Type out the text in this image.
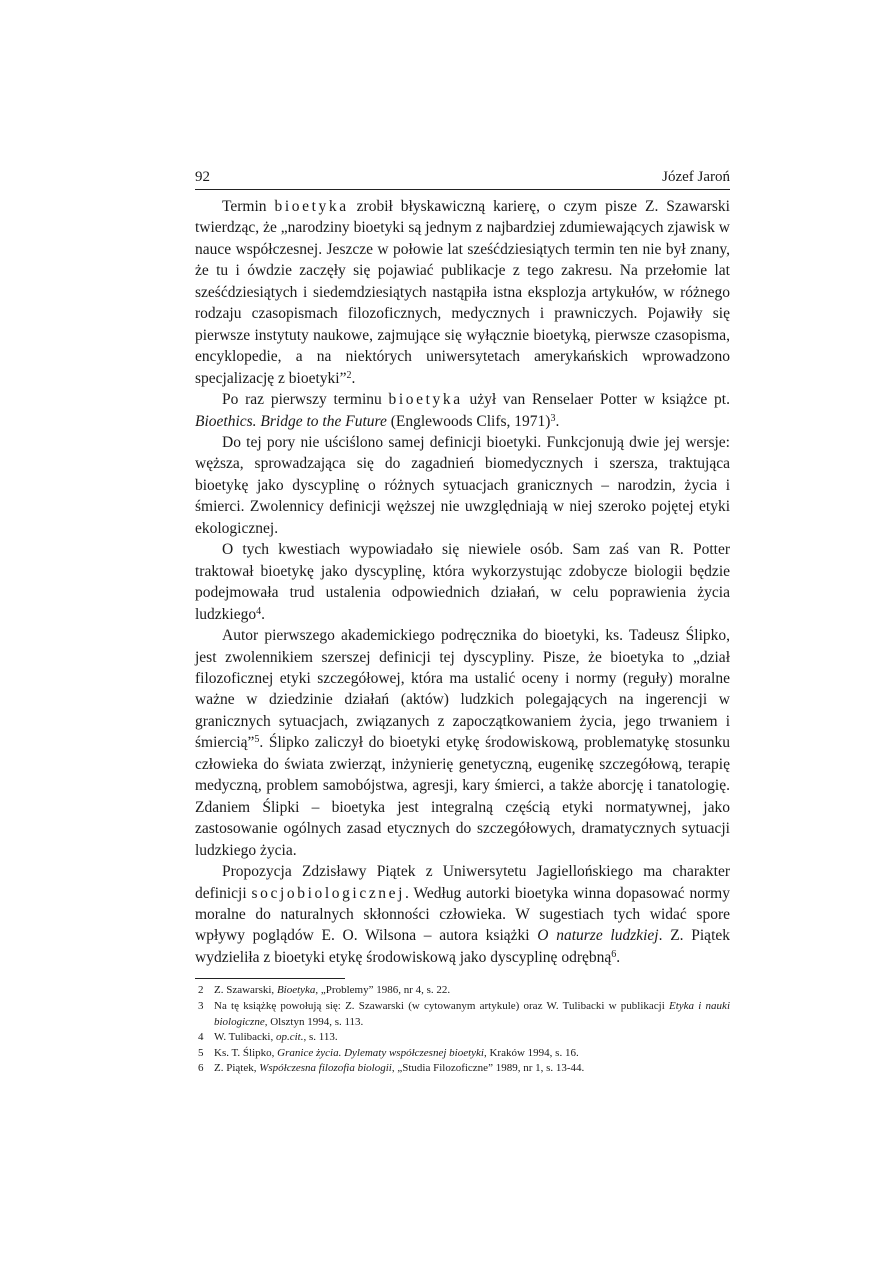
92	Józef Jaroń

Termin bioetyka zrobił błyskawiczną karierę, o czym pisze Z. Szawarski twierdząc, że „narodziny bioetyki są jednym z najbardziej zdumiewających zjawisk w nauce współczesnej. Jeszcze w połowie lat sześćdziesiątych termin ten nie był znany, że tu i ówdzie zaczęły się pojawiać publikacje z tego zakresu. Na przełomie lat sześćdziesiątych i siedemdziesiątych nastąpiła istna eksplozja artykułów, w różnego rodzaju czasopismach filozoficznych, medycznych i prawniczych. Pojawiły się pierwsze instytuty naukowe, zajmujące się wyłącznie bioetyką, pierwsze czasopisma, encyklopedie, a na niektórych uniwersytetach amerykańskich wprowadzono specjalizację z bioetyki”$^2$.

Po raz pierwszy terminu bioetyka użył van Renselaer Potter w książce pt. Bioethics. Bridge to the Future (Englewoods Clifs, 1971)$^3$.

Do tej pory nie uściślono samej definicji bioetyki. Funkcjonują dwie jej wersje: węższa, sprowadzająca się do zagadnień biomedycznych i szersza, traktująca bioetykę jako dyscyplinę o różnych sytuacjach granicznych – narodzin, życia i śmierci. Zwolennicy definicji węższej nie uwzględniają w niej szeroko pojętej etyki ekologicznej.

O tych kwestiach wypowiadało się niewiele osób. Sam zaś van R. Potter traktował bioetykę jako dyscyplinę, która wykorzystując zdobycze biologii będzie podejmowała trud ustalenia odpowiednich działań, w celu poprawienia życia ludzkiego$^4$.

Autor pierwszego akademickiego podręcznika do bioetyki, ks. Tadeusz Ślipko, jest zwolennikiem szerszej definicji tej dyscypliny. Pisze, że bioetyka to „dział filozoficznej etyki szczegółowej, która ma ustalić oceny i normy (reguły) moralne ważne w dziedzinie działań (aktów) ludzkich polegających na ingerencji w granicznych sytuacjach, związanych z zapoczątkowaniem życia, jego trwaniem i śmiercią”$^5$. Ślipko zaliczył do bioetyki etykę środowiskową, problematykę stosunku człowieka do świata zwierząt, inżynierię genetyczną, eugenikę szczegółową, terapię medyczną, problem samobójstwa, agresji, kary śmierci, a także aborcję i tanatologię. Zdaniem Ślipki – bioetyka jest integralną częścią etyki normatywnej, jako zastosowanie ogólnych zasad etycznych do szczegółowych, dramatycznych sytuacji ludzkiego życia.

Propozycja Zdzisławy Piątek z Uniwersytetu Jagiellońskiego ma charakter definicji socjobiologicznej. Według autorki bioetyka winna dopasować normy moralne do naturalnych skłonności człowieka. W sugestiach tych widać spore wpływy poglądów E. O. Wilsona – autora książki O naturze ludzkiej. Z. Piątek wydzieliła z bioetyki etykę środowiskową jako dyscyplinę odrębną$^6$.

2 Z. Szawarski, Bioetyka, „Problemy” 1986, nr 4, s. 22.
3 Na tę książkę powołują się: Z. Szawarski (w cytowanym artykule) oraz W. Tulibacki w publikacji Etyka i nauki biologiczne, Olsztyn 1994, s. 113.
4 W. Tulibacki, op.cit., s. 113.
5 Ks. T. Ślipko, Granice życia. Dylematy współczesnej bioetyki, Kraków 1994, s. 16.
6 Z. Piątek, Współczesna filozofia biologii, „Studia Filozoficzne” 1989, nr 1, s. 13-44.
